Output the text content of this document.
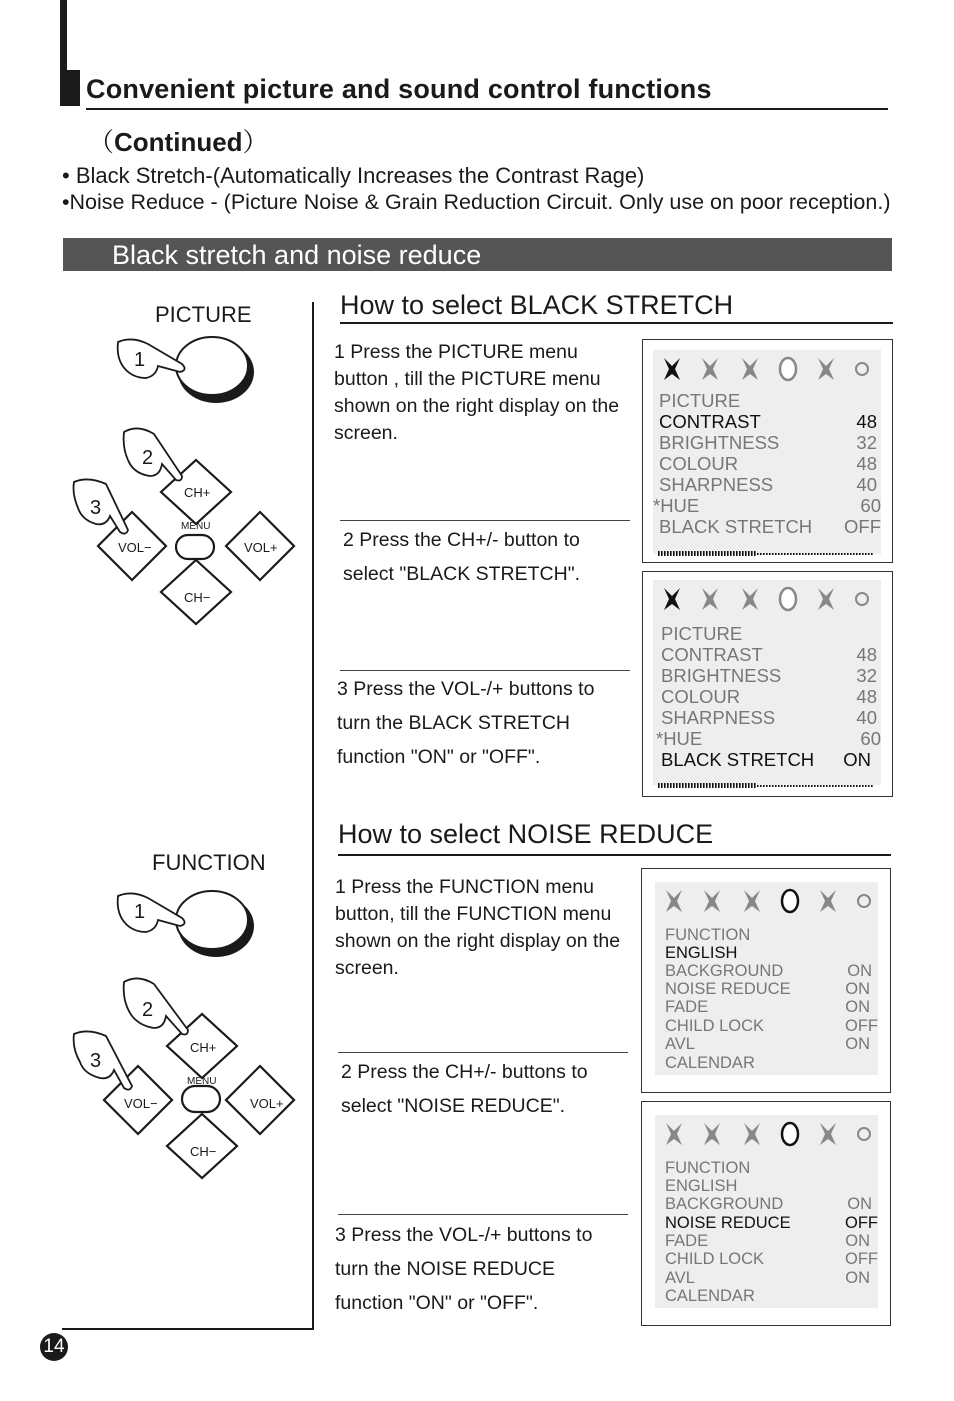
Convenient picture and sound control functions
（Continued）
• Black Stretch-(Automatically Increases the Contrast Rage)
•Noise Reduce - (Picture Noise & Grain Reduction Circuit. Only use on poor reception.)
Black stretch and noise reduce
14
PICTURE
1
CH+
CH−
VOL−	VOL+
MENU
2
3
How to select BLACK STRETCH
1 Press the PICTURE menu button , till the PICTURE menu shown on the right display on the screen.
2 Press the CH+/- button to select "BLACK STRETCH".
3 Press the VOL-/+ buttons to turn the BLACK STRETCH function "ON" or "OFF".
PICTURE
CONTRAST	48
BRIGHTNESS	32
COLOUR	48
SHARPNESS	40
*HUE	60
BLACK STRETCH OFF
PICTURE
CONTRAST	48
BRIGHTNESS	32
COLOUR	48
SHARPNESS	40
*HUE	60
BLACK STRETCH ON
FUNCTION
1
CH+
CH−
VOL−	VOL+
MENU
2
3
How to select NOISE REDUCE
1 Press the FUNCTION menu button, till the FUNCTION menu shown on the right display on the screen.
2 Press the CH+/- buttons to select "NOISE REDUCE".
3 Press the VOL-/+ buttons to turn the NOISE REDUCE function "ON" or "OFF".
FUNCTION
ENGLISH
BACKGROUND	ON
NOISE REDUCE	ON
FADE	ON
CHILD LOCK	OFF
AVL	ON
CALENDAR
FUNCTION
ENGLISH
BACKGROUND	ON
NOISE REDUCE	OFF
FADE	ON
CHILD LOCK	OFF
AVL	ON
CALENDAR
